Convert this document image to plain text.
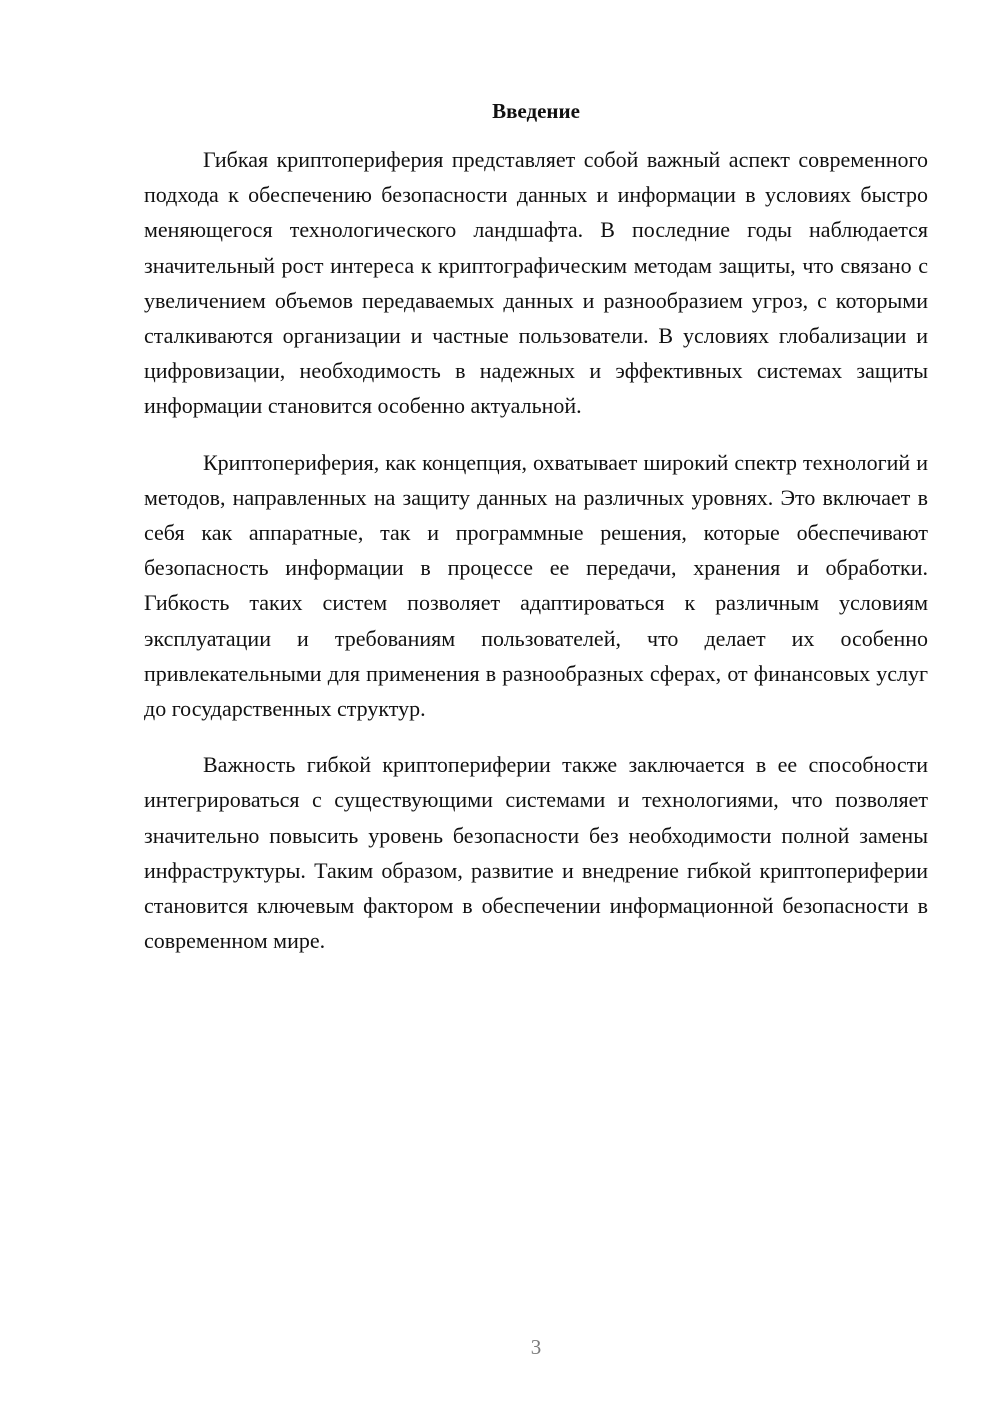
Введение

Гибкая криптопериферия представляет собой важный аспект современного подхода к обеспечению безопасности данных и информации в условиях быстро меняющегося технологического ландшафта. В последние годы наблюдается значительный рост интереса к криптографическим методам защиты, что связано с увеличением объемов передаваемых данных и разнообразием угроз, с которыми сталкиваются организации и частные пользователи. В условиях глобализации и цифровизации, необходимость в надежных и эффективных системах защиты информации становится особенно актуальной.

Криптопериферия, как концепция, охватывает широкий спектр технологий и методов, направленных на защиту данных на различных уровнях. Это включает в себя как аппаратные, так и программные решения, которые обеспечивают безопасность информации в процессе ее передачи, хранения и обработки. Гибкость таких систем позволяет адаптироваться к различным условиям эксплуатации и требованиям пользователей, что делает их особенно привлекательными для применения в разнообразных сферах, от финансовых услуг до государственных структур.

Важность гибкой криптопериферии также заключается в ее способности интегрироваться с существующими системами и технологиями, что позволяет значительно повысить уровень безопасности без необходимости полной замены инфраструктуры. Таким образом, развитие и внедрение гибкой криптопериферии становится ключевым фактором в обеспечении информационной безопасности в современном мире.

3
